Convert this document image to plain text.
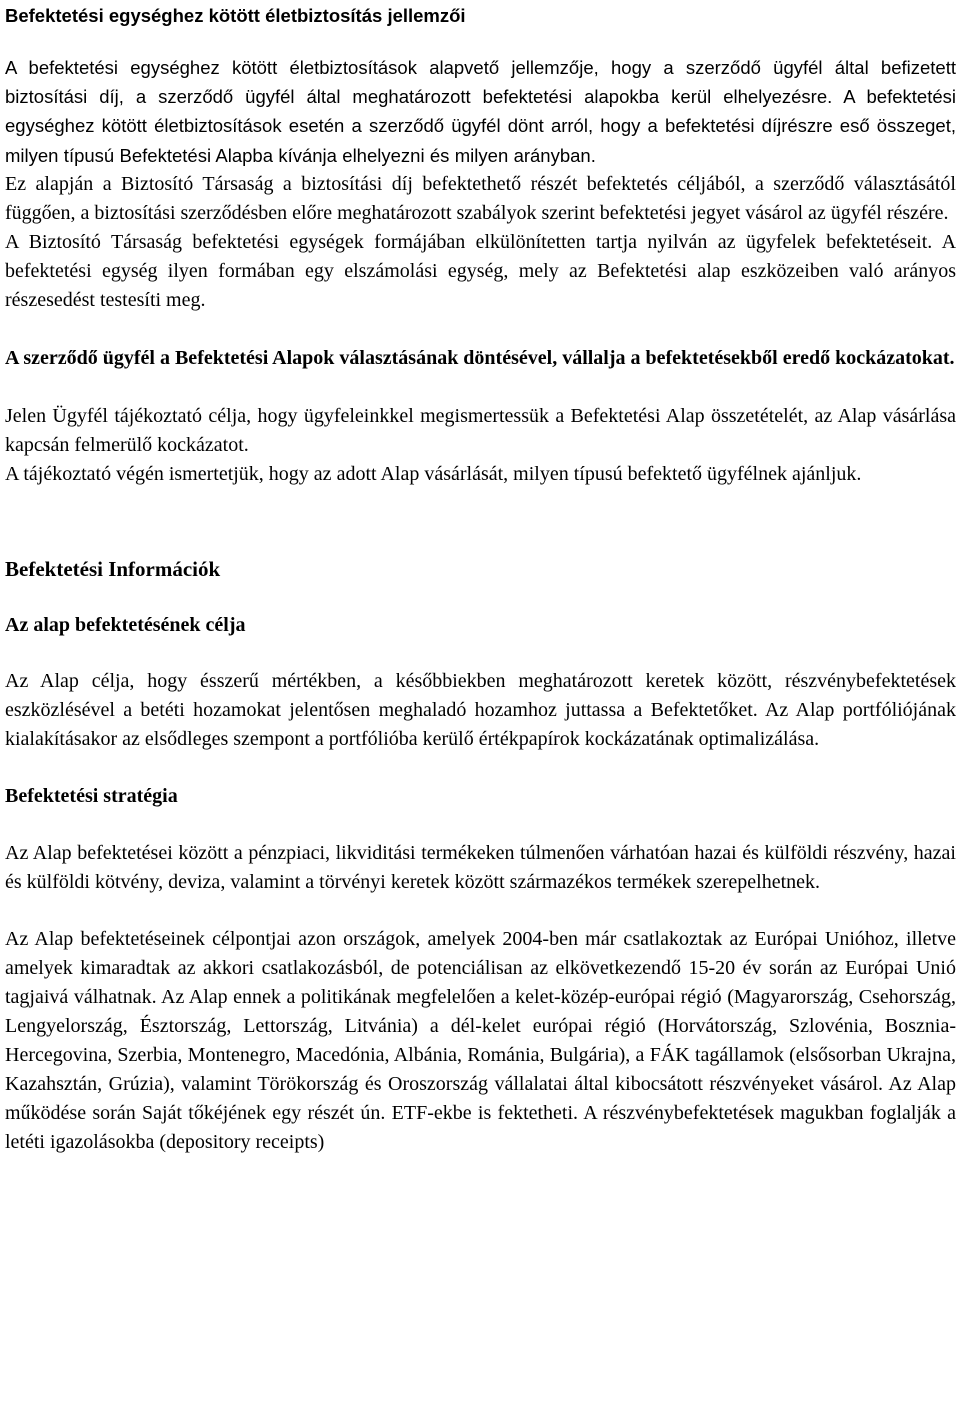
Befektetési egységhez kötött életbiztosítás jellemzői

A befektetési egységhez kötött életbiztosítások alapvető jellemzője, hogy a szerződő ügyfél által befizetett biztosítási díj, a szerződő ügyfél által meghatározott befektetési alapokba kerül elhelyezésre. A befektetési egységhez kötött életbiztosítások esetén a szerződő ügyfél dönt arról, hogy a befektetési díjrészre eső összeget, milyen típusú Befektetési Alapba kívánja elhelyezni és milyen arányban.

Ez alapján a Biztosító Társaság a biztosítási díj befektethető részét befektetés céljából, a szerződő választásától függően, a biztosítási szerződésben előre meghatározott szabályok szerint befektetési jegyet vásárol az ügyfél részére.

A Biztosító Társaság befektetési egységek formájában elkülönítetten tartja nyilván az ügyfelek befektetéseit. A befektetési egység ilyen formában egy elszámolási egység, mely az Befektetési alap eszközeiben való arányos részesedést testesíti meg.

A szerződő ügyfél a Befektetési Alapok választásának döntésével, vállalja a befektetésekből eredő kockázatokat.

Jelen Ügyfél tájékoztató célja, hogy ügyfeleinkkel megismertessük a Befektetési Alap összetételét, az Alap vásárlása kapcsán felmerülő kockázatot.

A tájékoztató végén ismertetjük, hogy az adott Alap vásárlását, milyen típusú befektető ügyfélnek ajánljuk.

Befektetési Információk
Az alap befektetésének célja

Az Alap célja, hogy ésszerű mértékben, a későbbiekben meghatározott keretek között, részvénybefektetések eszközlésével a betéti hozamokat jelentősen meghaladó hozamhoz juttassa a Befektetőket. Az Alap portfóliójának kialakításakor az elsődleges szempont a portfólióba kerülő értékpapírok kockázatának optimalizálása.

Befektetési stratégia

Az Alap befektetései között a pénzpiaci, likviditási termékeken túlmenően várhatóan hazai és külföldi részvény, hazai és külföldi kötvény, deviza, valamint a törvényi keretek között származékos termékek szerepelhetnek.

Az Alap befektetéseinek célpontjai azon országok, amelyek 2004-ben már csatlakoztak az Európai Unióhoz, illetve amelyek kimaradtak az akkori csatlakozásból, de potenciálisan az elkövetkezendő 15-20 év során az Európai Unió tagjaivá válhatnak. Az Alap ennek a politikának megfelelően a kelet-közép-európai régió (Magyarország, Csehország, Lengyelország, Észtország, Lettország, Litvánia) a dél-kelet európai régió (Horvátország, Szlovénia, Bosznia-Hercegovina, Szerbia, Montenegro, Macedónia, Albánia, Románia, Bulgária), a FÁK tagállamok (elsősorban Ukrajna, Kazahsztán, Grúzia), valamint Törökország és Oroszország vállalatai által kibocsátott részvényeket vásárol. Az Alap működése során Saját tőkéjének egy részét ún. ETF-ekbe is fektetheti. A részvénybefektetések magukban foglalják a letéti igazolásokba (depository receipts)
